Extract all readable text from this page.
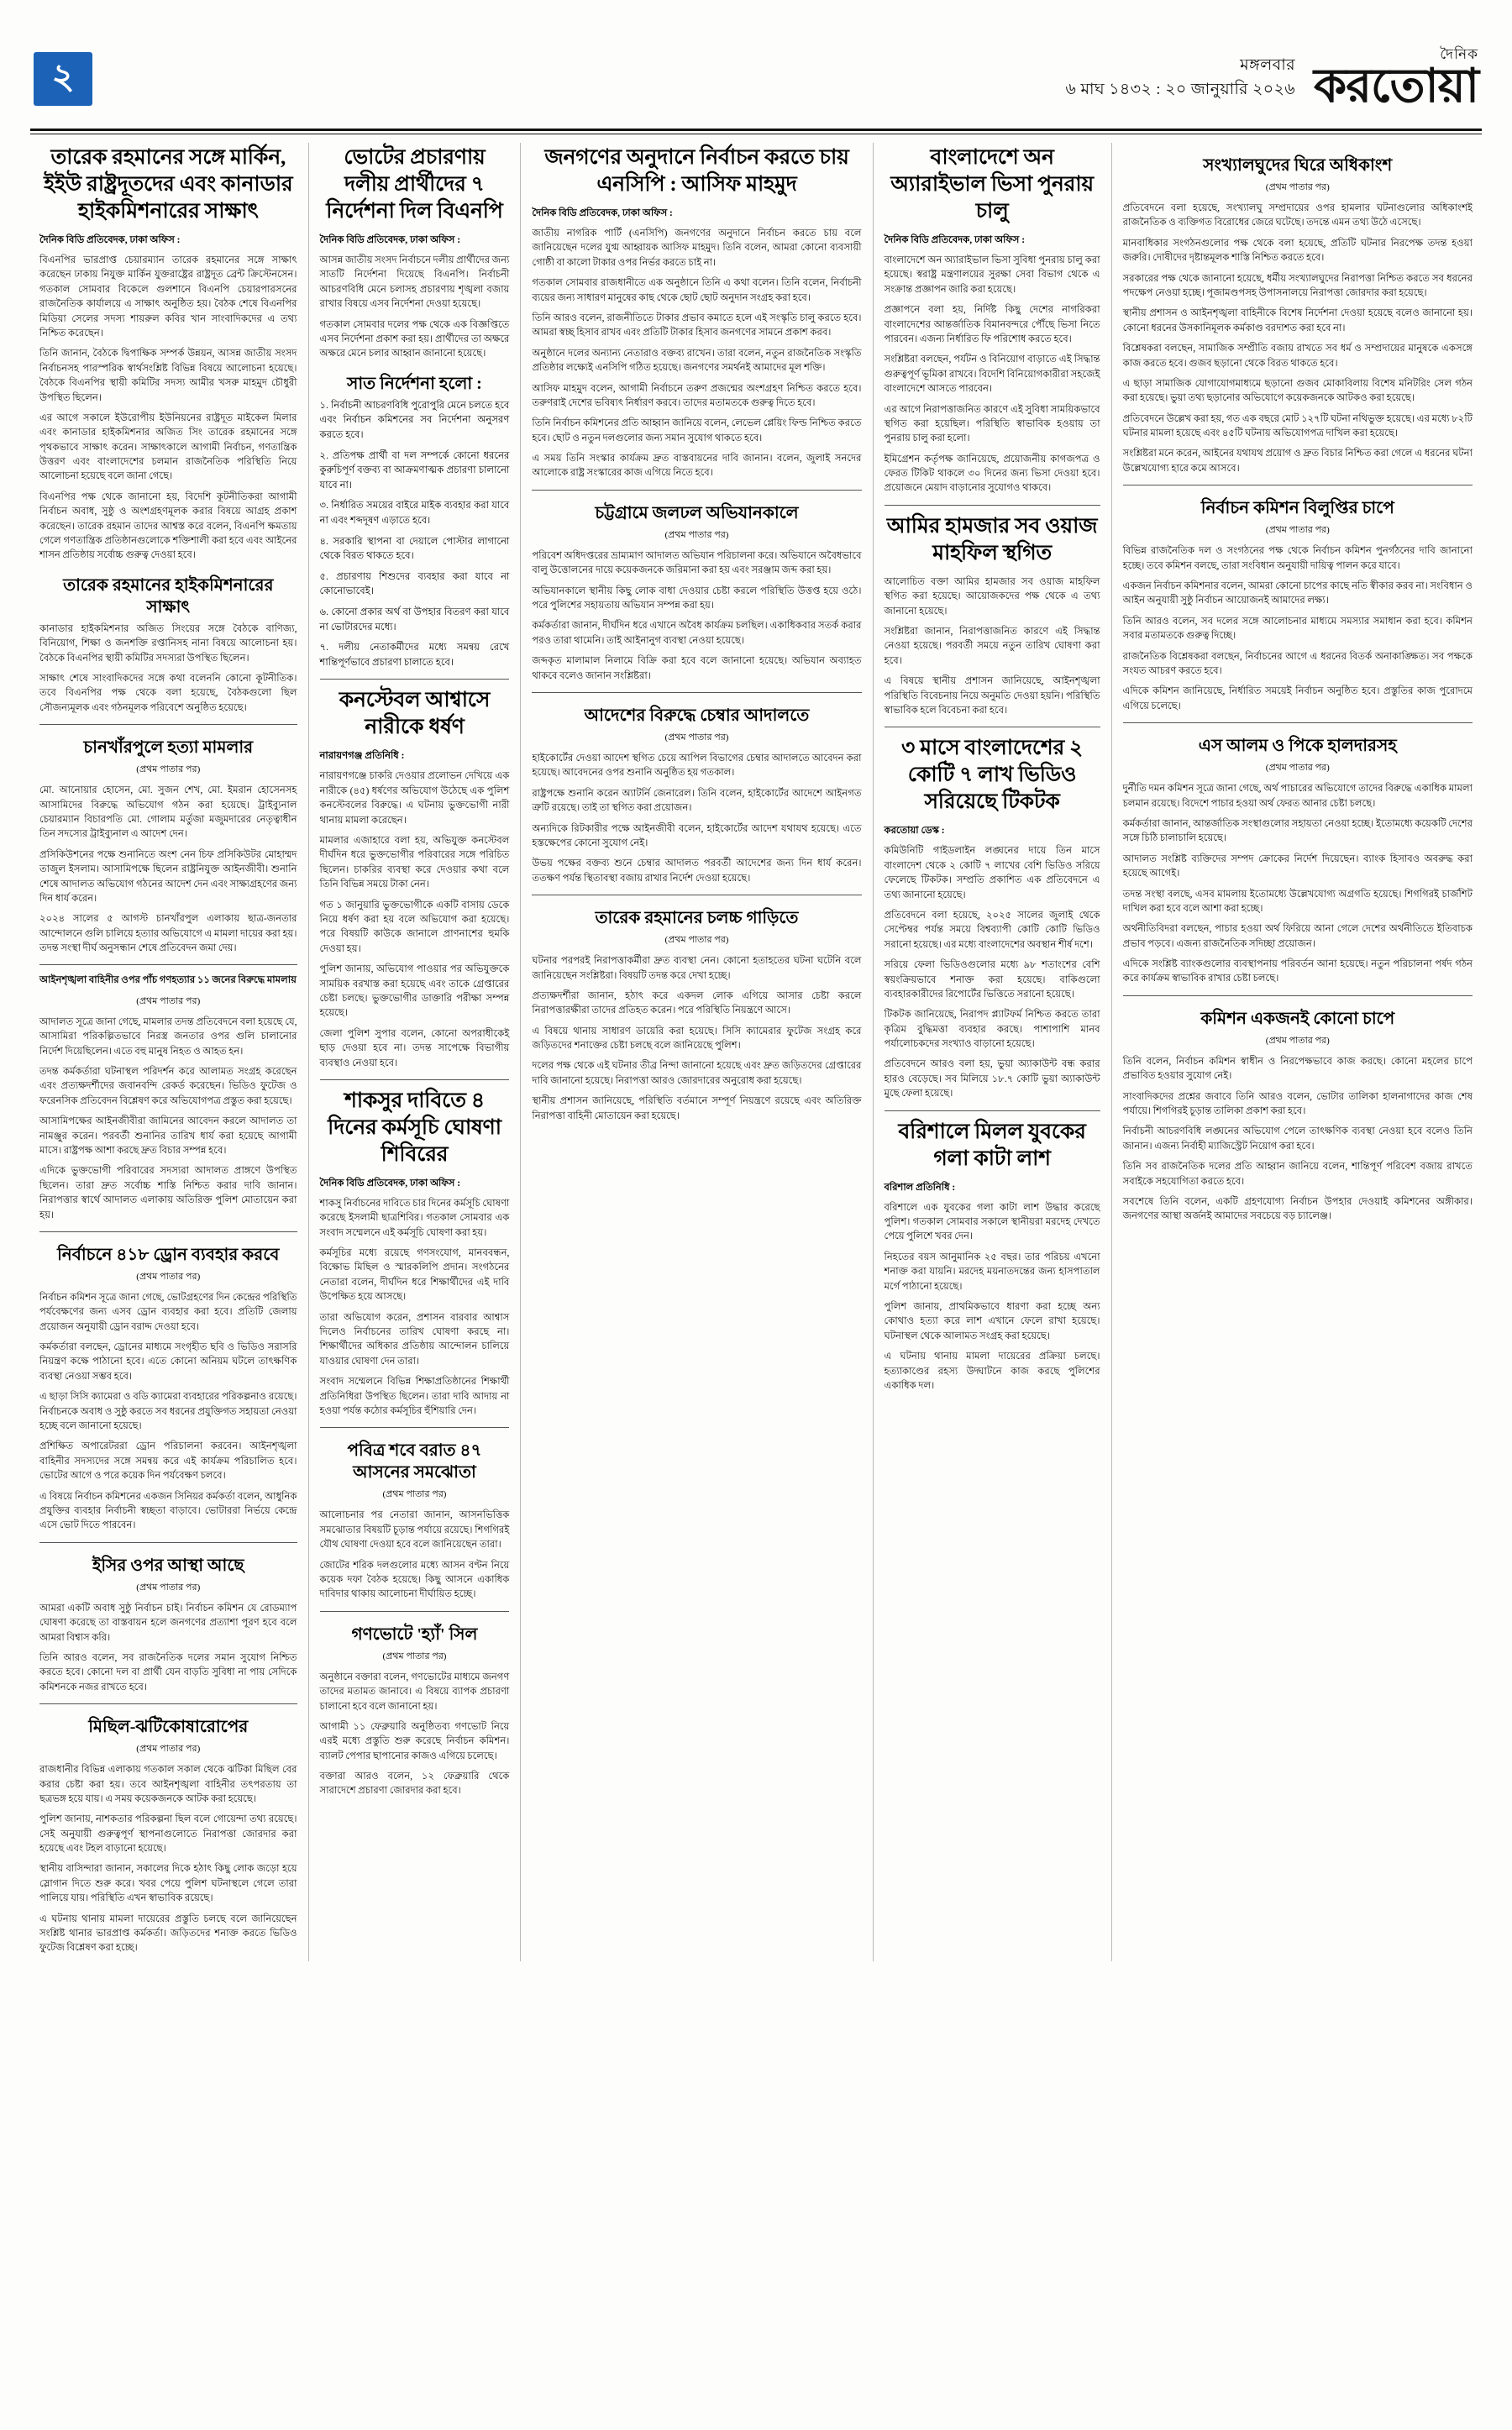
২	মঙ্গলবার
৬ মাঘ ১৪৩২ : ২০ জানুয়ারি ২০২৬
দৈনিক
করতোয়া
তারেক রহমানের সঙ্গে মার্কিন, ইইউ রাষ্ট্রদূতদের এবং কানাডার হাইকমিশনারের সাক্ষাৎ

দৈনিক বিডি প্রতিবেদক, ঢাকা অফিস :

বিএনপির ভারপ্রাপ্ত চেয়ারম্যান তারেক রহমানের সঙ্গে সাক্ষাৎ করেছেন ঢাকায় নিযুক্ত মার্কিন যুক্তরাষ্ট্রের রাষ্ট্রদূত ব্রেন্ট ক্রিস্টেনসেন। গতকাল সোমবার বিকেলে গুলশানে বিএনপি চেয়ারপারসনের রাজনৈতিক কার্যালয়ে এ সাক্ষাৎ অনুষ্ঠিত হয়। বৈঠক শেষে বিএনপির মিডিয়া সেলের সদস্য শায়রুল কবির খান সাংবাদিকদের এ তথ্য নিশ্চিত করেছেন।

তিনি জানান, বৈঠকে দ্বিপাক্ষিক সম্পর্ক উন্নয়ন, আসন্ন জাতীয় সংসদ নির্বাচনসহ পারস্পরিক স্বার্থসংশ্লিষ্ট বিভিন্ন বিষয়ে আলোচনা হয়েছে। বৈঠকে বিএনপির স্থায়ী কমিটির সদস্য আমীর খসরু মাহমুদ চৌধুরী উপস্থিত ছিলেন।

এর আগে সকালে ইউরোপীয় ইউনিয়নের রাষ্ট্রদূত মাইকেল মিলার এবং কানাডার হাইকমিশনার অজিত সিং তারেক রহমানের সঙ্গে পৃথকভাবে সাক্ষাৎ করেন। সাক্ষাৎকালে আগামী নির্বাচন, গণতান্ত্রিক উত্তরণ এবং বাংলাদেশের চলমান রাজনৈতিক পরিস্থিতি নিয়ে আলোচনা হয়েছে বলে জানা গেছে।

বিএনপির পক্ষ থেকে জানানো হয়, বিদেশি কূটনীতিকরা আগামী নির্বাচন অবাধ, সুষ্ঠু ও অংশগ্রহণমূলক করার বিষয়ে আগ্রহ প্রকাশ করেছেন। তারেক রহমান তাদের আশ্বস্ত করে বলেন, বিএনপি ক্ষমতায় গেলে গণতান্ত্রিক প্রতিষ্ঠানগুলোকে শক্তিশালী করা হবে এবং আইনের শাসন প্রতিষ্ঠায় সর্বোচ্চ গুরুত্ব দেওয়া হবে।

তারেক রহমানের হাইকমিশনারের সাক্ষাৎ

কানাডার হাইকমিশনার অজিত সিংয়ের সঙ্গে বৈঠকে বাণিজ্য, বিনিয়োগ, শিক্ষা ও জনশক্তি রপ্তানিসহ নানা বিষয়ে আলোচনা হয়। বৈঠকে বিএনপির স্থায়ী কমিটির সদস্যরা উপস্থিত ছিলেন।

সাক্ষাৎ শেষে সাংবাদিকদের সঙ্গে কথা বলেননি কোনো কূটনীতিক। তবে বিএনপির পক্ষ থেকে বলা হয়েছে, বৈঠকগুলো ছিল সৌজন্যমূলক এবং গঠনমূলক পরিবেশে অনুষ্ঠিত হয়েছে।

চানখাঁরপুলে হত্যা মামলার

(প্রথম পাতার পর)

মো. আনোয়ার হোসেন, মো. সুজন শেখ, মো. ইমরান হোসেনসহ আসামিদের বিরুদ্ধে অভিযোগ গঠন করা হয়েছে। ট্রাইব্যুনাল চেয়ারম্যান বিচারপতি মো. গোলাম মর্তুজা মজুমদারের নেতৃত্বাধীন তিন সদস্যের ট্রাইব্যুনাল এ আদেশ দেন।

প্রসিকিউশনের পক্ষে শুনানিতে অংশ নেন চিফ প্রসিকিউটর মোহাম্মদ তাজুল ইসলাম। আসামিপক্ষে ছিলেন রাষ্ট্রনিযুক্ত আইনজীবী। শুনানি শেষে আদালত অভিযোগ গঠনের আদেশ দেন এবং সাক্ষ্যগ্রহণের জন্য দিন ধার্য করেন।

২০২৪ সালের ৫ আগস্ট চানখাঁরপুল এলাকায় ছাত্র-জনতার আন্দোলনে গুলি চালিয়ে হত্যার অভিযোগে এ মামলা দায়ের করা হয়। তদন্ত সংস্থা দীর্ঘ অনুসন্ধান শেষে প্রতিবেদন জমা দেয়।

আইনশৃঙ্খলা বাহিনীর ওপর পাঁচ গণহত্যার ১১ জনের বিরুদ্ধে মামলায়

(প্রথম পাতার পর)

আদালত সূত্রে জানা গেছে, মামলার তদন্ত প্রতিবেদনে বলা হয়েছে যে, আসামিরা পরিকল্পিতভাবে নিরস্ত্র জনতার ওপর গুলি চালানোর নির্দেশ দিয়েছিলেন। এতে বহু মানুষ নিহত ও আহত হন।

তদন্ত কর্মকর্তারা ঘটনাস্থল পরিদর্শন করে আলামত সংগ্রহ করেছেন এবং প্রত্যক্ষদর্শীদের জবানবন্দি রেকর্ড করেছেন। ভিডিও ফুটেজ ও ফরেনসিক প্রতিবেদন বিশ্লেষণ করে অভিযোগপত্র প্রস্তুত করা হয়েছে।

আসামিপক্ষের আইনজীবীরা জামিনের আবেদন করলে আদালত তা নামঞ্জুর করেন। পরবর্তী শুনানির তারিখ ধার্য করা হয়েছে আগামী মাসে। রাষ্ট্রপক্ষ আশা করছে দ্রুত বিচার সম্পন্ন হবে।

এদিকে ভুক্তভোগী পরিবারের সদস্যরা আদালত প্রাঙ্গণে উপস্থিত ছিলেন। তারা দ্রুত সর্বোচ্চ শাস্তি নিশ্চিত করার দাবি জানান। নিরাপত্তার স্বার্থে আদালত এলাকায় অতিরিক্ত পুলিশ মোতায়েন করা হয়।

নির্বাচনে ৪১৮ ড্রোন ব্যবহার করবে

(প্রথম পাতার পর)

নির্বাচন কমিশন সূত্রে জানা গেছে, ভোটগ্রহণের দিন কেন্দ্রের পরিস্থিতি পর্যবেক্ষণের জন্য এসব ড্রোন ব্যবহার করা হবে। প্রতিটি জেলায় প্রয়োজন অনুযায়ী ড্রোন বরাদ্দ দেওয়া হবে।

কর্মকর্তারা বলছেন, ড্রোনের মাধ্যমে সংগৃহীত ছবি ও ভিডিও সরাসরি নিয়ন্ত্রণ কক্ষে পাঠানো হবে। এতে কোনো অনিয়ম ঘটলে তাৎক্ষণিক ব্যবস্থা নেওয়া সম্ভব হবে।

এ ছাড়া সিসি ক্যামেরা ও বডি ক্যামেরা ব্যবহারের পরিকল্পনাও রয়েছে। নির্বাচনকে অবাধ ও সুষ্ঠু করতে সব ধরনের প্রযুক্তিগত সহায়তা নেওয়া হচ্ছে বলে জানানো হয়েছে।

প্রশিক্ষিত অপারেটররা ড্রোন পরিচালনা করবেন। আইনশৃঙ্খলা বাহিনীর সদস্যদের সঙ্গে সমন্বয় করে এই কার্যক্রম পরিচালিত হবে। ভোটের আগে ও পরে কয়েক দিন পর্যবেক্ষণ চলবে।

এ বিষয়ে নির্বাচন কমিশনের একজন সিনিয়র কর্মকর্তা বলেন, আধুনিক প্রযুক্তির ব্যবহার নির্বাচনী স্বচ্ছতা বাড়াবে। ভোটাররা নির্ভয়ে কেন্দ্রে এসে ভোট দিতে পারবেন।

ইসির ওপর আস্থা আছে

(প্রথম পাতার পর)

আমরা একটি অবাধ সুষ্ঠু নির্বাচন চাই। নির্বাচন কমিশন যে রোডম্যাপ ঘোষণা করেছে তা বাস্তবায়ন হলে জনগণের প্রত্যাশা পূরণ হবে বলে আমরা বিশ্বাস করি।

তিনি আরও বলেন, সব রাজনৈতিক দলের সমান সুযোগ নিশ্চিত করতে হবে। কোনো দল বা প্রার্থী যেন বাড়তি সুবিধা না পায় সেদিকে কমিশনকে নজর রাখতে হবে।

মিছিল-ঝটিকোষারোপের

(প্রথম পাতার পর)

রাজধানীর বিভিন্ন এলাকায় গতকাল সকাল থেকে ঝটিকা মিছিল বের করার চেষ্টা করা হয়। তবে আইনশৃঙ্খলা বাহিনীর তৎপরতায় তা ছত্রভঙ্গ হয়ে যায়। এ সময় কয়েকজনকে আটক করা হয়েছে।

পুলিশ জানায়, নাশকতার পরিকল্পনা ছিল বলে গোয়েন্দা তথ্য রয়েছে। সেই অনুযায়ী গুরুত্বপূর্ণ স্থাপনাগুলোতে নিরাপত্তা জোরদার করা হয়েছে এবং টহল বাড়ানো হয়েছে।

স্থানীয় বাসিন্দারা জানান, সকালের দিকে হঠাৎ কিছু লোক জড়ো হয়ে স্লোগান দিতে শুরু করে। খবর পেয়ে পুলিশ ঘটনাস্থলে গেলে তারা পালিয়ে যায়। পরিস্থিতি এখন স্বাভাবিক রয়েছে।

এ ঘটনায় থানায় মামলা দায়েরের প্রস্তুতি চলছে বলে জানিয়েছেন সংশ্লিষ্ট থানার ভারপ্রাপ্ত কর্মকর্তা। জড়িতদের শনাক্ত করতে ভিডিও ফুটেজ বিশ্লেষণ করা হচ্ছে।

ভোটের প্রচারণায় দলীয় প্রার্থীদের ৭ নির্দেশনা দিল বিএনপি

দৈনিক বিডি প্রতিবেদক, ঢাকা অফিস :

আসন্ন জাতীয় সংসদ নির্বাচনে দলীয় প্রার্থীদের জন্য সাতটি নির্দেশনা দিয়েছে বিএনপি। নির্বাচনী আচরণবিধি মেনে চলাসহ প্রচারণায় শৃঙ্খলা বজায় রাখার বিষয়ে এসব নির্দেশনা দেওয়া হয়েছে।

গতকাল সোমবার দলের পক্ষ থেকে এক বিজ্ঞপ্তিতে এসব নির্দেশনা প্রকাশ করা হয়। প্রার্থীদের তা অক্ষরে অক্ষরে মেনে চলার আহ্বান জানানো হয়েছে।

সাত নির্দেশনা হলো :

১. নির্বাচনী আচরণবিধি পুরোপুরি মেনে চলতে হবে এবং নির্বাচন কমিশনের সব নির্দেশনা অনুসরণ করতে হবে।

২. প্রতিপক্ষ প্রার্থী বা দল সম্পর্কে কোনো ধরনের কুরুচিপূর্ণ বক্তব্য বা আক্রমণাত্মক প্রচারণা চালানো যাবে না।

৩. নির্ধারিত সময়ের বাইরে মাইক ব্যবহার করা যাবে না এবং শব্দদূষণ এড়াতে হবে।

৪. সরকারি স্থাপনা বা দেয়ালে পোস্টার লাগানো থেকে বিরত থাকতে হবে।

৫. প্রচারণায় শিশুদের ব্যবহার করা যাবে না কোনোভাবেই।

৬. কোনো প্রকার অর্থ বা উপহার বিতরণ করা যাবে না ভোটারদের মধ্যে।

৭. দলীয় নেতাকর্মীদের মধ্যে সমন্বয় রেখে শান্তিপূর্ণভাবে প্রচারণা চালাতে হবে।

কনস্টেবল আশ্বাসে নারীকে ধর্ষণ

নারায়ণগঞ্জ প্রতিনিধি :

নারায়ণগঞ্জে চাকরি দেওয়ার প্রলোভন দেখিয়ে এক নারীকে (৪৫) ধর্ষণের অভিযোগ উঠেছে এক পুলিশ কনস্টেবলের বিরুদ্ধে। এ ঘটনায় ভুক্তভোগী নারী থানায় মামলা করেছেন।

মামলার এজাহারে বলা হয়, অভিযুক্ত কনস্টেবল দীর্ঘদিন ধরে ভুক্তভোগীর পরিবারের সঙ্গে পরিচিত ছিলেন। চাকরির ব্যবস্থা করে দেওয়ার কথা বলে তিনি বিভিন্ন সময়ে টাকা নেন।

গত ১ জানুয়ারি ভুক্তভোগীকে একটি বাসায় ডেকে নিয়ে ধর্ষণ করা হয় বলে অভিযোগ করা হয়েছে। পরে বিষয়টি কাউকে জানালে প্রাণনাশের হুমকি দেওয়া হয়।

পুলিশ জানায়, অভিযোগ পাওয়ার পর অভিযুক্তকে সাময়িক বরখাস্ত করা হয়েছে এবং তাকে গ্রেপ্তারের চেষ্টা চলছে। ভুক্তভোগীর ডাক্তারি পরীক্ষা সম্পন্ন হয়েছে।

জেলা পুলিশ সুপার বলেন, কোনো অপরাধীকেই ছাড় দেওয়া হবে না। তদন্ত সাপেক্ষে বিভাগীয় ব্যবস্থাও নেওয়া হবে।

শাকসুর দাবিতে ৪ দিনের কর্মসূচি ঘোষণা শিবিরের

দৈনিক বিডি প্রতিবেদক, ঢাকা অফিস :

শাকসু নির্বাচনের দাবিতে চার দিনের কর্মসূচি ঘোষণা করেছে ইসলামী ছাত্রশিবির। গতকাল সোমবার এক সংবাদ সম্মেলনে এই কর্মসূচি ঘোষণা করা হয়।

কর্মসূচির মধ্যে রয়েছে গণসংযোগ, মানববন্ধন, বিক্ষোভ মিছিল ও স্মারকলিপি প্রদান। সংগঠনের নেতারা বলেন, দীর্ঘদিন ধরে শিক্ষার্থীদের এই দাবি উপেক্ষিত হয়ে আসছে।

তারা অভিযোগ করেন, প্রশাসন বারবার আশ্বাস দিলেও নির্বাচনের তারিখ ঘোষণা করছে না। শিক্ষার্থীদের অধিকার প্রতিষ্ঠায় আন্দোলন চালিয়ে যাওয়ার ঘোষণা দেন তারা।

সংবাদ সম্মেলনে বিভিন্ন শিক্ষাপ্রতিষ্ঠানের শিক্ষার্থী প্রতিনিধিরা উপস্থিত ছিলেন। তারা দাবি আদায় না হওয়া পর্যন্ত কঠোর কর্মসূচির হুঁশিয়ারি দেন।

পবিত্র শবে বরাত ৪৭ আসনের সমঝোতা

(প্রথম পাতার পর)

আলোচনার পর নেতারা জানান, আসনভিত্তিক সমঝোতার বিষয়টি চূড়ান্ত পর্যায়ে রয়েছে। শিগগিরই যৌথ ঘোষণা দেওয়া হবে বলে জানিয়েছেন তারা।

জোটের শরিক দলগুলোর মধ্যে আসন বণ্টন নিয়ে কয়েক দফা বৈঠক হয়েছে। কিছু আসনে একাধিক দাবিদার থাকায় আলোচনা দীর্ঘায়িত হচ্ছে।

গণভোটে 'হ্যাঁ' সিল

(প্রথম পাতার পর)

অনুষ্ঠানে বক্তারা বলেন, গণভোটের মাধ্যমে জনগণ তাদের মতামত জানাবে। এ বিষয়ে ব্যাপক প্রচারণা চালানো হবে বলে জানানো হয়।

আগামী ১১ ফেব্রুয়ারি অনুষ্ঠিতব্য গণভোট নিয়ে এরই মধ্যে প্রস্তুতি শুরু করেছে নির্বাচন কমিশন। ব্যালট পেপার ছাপানোর কাজও এগিয়ে চলেছে।

বক্তারা আরও বলেন, ১২ ফেব্রুয়ারি থেকে সারাদেশে প্রচারণা জোরদার করা হবে।

জনগণের অনুদানে নির্বাচন করতে চায় এনসিপি : আসিফ মাহমুদ

দৈনিক বিডি প্রতিবেদক, ঢাকা অফিস :

জাতীয় নাগরিক পার্টি (এনসিপি) জনগণের অনুদানে নির্বাচন করতে চায় বলে জানিয়েছেন দলের যুগ্ম আহ্বায়ক আসিফ মাহমুদ। তিনি বলেন, আমরা কোনো ব্যবসায়ী গোষ্ঠী বা কালো টাকার ওপর নির্ভর করতে চাই না।

গতকাল সোমবার রাজধানীতে এক অনুষ্ঠানে তিনি এ কথা বলেন। তিনি বলেন, নির্বাচনী ব্যয়ের জন্য সাধারণ মানুষের কাছ থেকে ছোট ছোট অনুদান সংগ্রহ করা হবে।

তিনি আরও বলেন, রাজনীতিতে টাকার প্রভাব কমাতে হলে এই সংস্কৃতি চালু করতে হবে। আমরা স্বচ্ছ হিসাব রাখব এবং প্রতিটি টাকার হিসাব জনগণের সামনে প্রকাশ করব।

অনুষ্ঠানে দলের অন্যান্য নেতারাও বক্তব্য রাখেন। তারা বলেন, নতুন রাজনৈতিক সংস্কৃতি প্রতিষ্ঠার লক্ষ্যেই এনসিপি গঠিত হয়েছে। জনগণের সমর্থনই আমাদের মূল শক্তি।

আসিফ মাহমুদ বলেন, আগামী নির্বাচনে তরুণ প্রজন্মের অংশগ্রহণ নিশ্চিত করতে হবে। তরুণরাই দেশের ভবিষ্যৎ নির্ধারণ করবে। তাদের মতামতকে গুরুত্ব দিতে হবে।

তিনি নির্বাচন কমিশনের প্রতি আহ্বান জানিয়ে বলেন, লেভেল প্লেয়িং ফিল্ড নিশ্চিত করতে হবে। ছোট ও নতুন দলগুলোর জন্য সমান সুযোগ থাকতে হবে।

এ সময় তিনি সংস্কার কার্যক্রম দ্রুত বাস্তবায়নের দাবি জানান। বলেন, জুলাই সনদের আলোকে রাষ্ট্র সংস্কারের কাজ এগিয়ে নিতে হবে।

চট্টগ্রামে জলঢল অভিযানকালে

(প্রথম পাতার পর)

পরিবেশ অধিদপ্তরের ভ্রাম্যমাণ আদালত অভিযান পরিচালনা করে। অভিযানে অবৈধভাবে বালু উত্তোলনের দায়ে কয়েকজনকে জরিমানা করা হয় এবং সরঞ্জাম জব্দ করা হয়।

অভিযানকালে স্থানীয় কিছু লোক বাধা দেওয়ার চেষ্টা করলে পরিস্থিতি উত্তপ্ত হয়ে ওঠে। পরে পুলিশের সহায়তায় অভিযান সম্পন্ন করা হয়।

কর্মকর্তারা জানান, দীর্ঘদিন ধরে এখানে অবৈধ কার্যক্রম চলছিল। একাধিকবার সতর্ক করার পরও তারা থামেনি। তাই আইনানুগ ব্যবস্থা নেওয়া হয়েছে।

জব্দকৃত মালামাল নিলামে বিক্রি করা হবে বলে জানানো হয়েছে। অভিযান অব্যাহত থাকবে বলেও জানান সংশ্লিষ্টরা।

আদেশের বিরুদ্ধে চেম্বার আদালতে

(প্রথম পাতার পর)

হাইকোর্টের দেওয়া আদেশ স্থগিত চেয়ে আপিল বিভাগের চেম্বার আদালতে আবেদন করা হয়েছে। আবেদনের ওপর শুনানি অনুষ্ঠিত হয় গতকাল।

রাষ্ট্রপক্ষে শুনানি করেন অ্যাটর্নি জেনারেল। তিনি বলেন, হাইকোর্টের আদেশে আইনগত ত্রুটি রয়েছে। তাই তা স্থগিত করা প্রয়োজন।

অন্যদিকে রিটকারীর পক্ষে আইনজীবী বলেন, হাইকোর্টের আদেশ যথাযথ হয়েছে। এতে হস্তক্ষেপের কোনো সুযোগ নেই।

উভয় পক্ষের বক্তব্য শুনে চেম্বার আদালত পরবর্তী আদেশের জন্য দিন ধার্য করেন। ততক্ষণ পর্যন্ত স্থিতাবস্থা বজায় রাখার নির্দেশ দেওয়া হয়েছে।

তারেক রহমানের চলচ্চ গাড়িতে

(প্রথম পাতার পর)

ঘটনার পরপরই নিরাপত্তাকর্মীরা দ্রুত ব্যবস্থা নেন। কোনো হতাহতের ঘটনা ঘটেনি বলে জানিয়েছেন সংশ্লিষ্টরা। বিষয়টি তদন্ত করে দেখা হচ্ছে।

প্রত্যক্ষদর্শীরা জানান, হঠাৎ করে একদল লোক এগিয়ে আসার চেষ্টা করলে নিরাপত্তারক্ষীরা তাদের প্রতিহত করেন। পরে পরিস্থিতি নিয়ন্ত্রণে আসে।

এ বিষয়ে থানায় সাধারণ ডায়েরি করা হয়েছে। সিসি ক্যামেরার ফুটেজ সংগ্রহ করে জড়িতদের শনাক্তের চেষ্টা চলছে বলে জানিয়েছে পুলিশ।

দলের পক্ষ থেকে এই ঘটনার তীব্র নিন্দা জানানো হয়েছে এবং দ্রুত জড়িতদের গ্রেপ্তারের দাবি জানানো হয়েছে। নিরাপত্তা আরও জোরদারের অনুরোধ করা হয়েছে।

স্থানীয় প্রশাসন জানিয়েছে, পরিস্থিতি বর্তমানে সম্পূর্ণ নিয়ন্ত্রণে রয়েছে এবং অতিরিক্ত নিরাপত্তা বাহিনী মোতায়েন করা হয়েছে।

বাংলাদেশে অন অ্যারাইভাল ভিসা পুনরায় চালু

দৈনিক বিডি প্রতিবেদক, ঢাকা অফিস :

বাংলাদেশে অন অ্যারাইভাল ভিসা সুবিধা পুনরায় চালু করা হয়েছে। স্বরাষ্ট্র মন্ত্রণালয়ের সুরক্ষা সেবা বিভাগ থেকে এ সংক্রান্ত প্রজ্ঞাপন জারি করা হয়েছে।

প্রজ্ঞাপনে বলা হয়, নির্দিষ্ট কিছু দেশের নাগরিকরা বাংলাদেশের আন্তর্জাতিক বিমানবন্দরে পৌঁছে ভিসা নিতে পারবেন। এজন্য নির্ধারিত ফি পরিশোধ করতে হবে।

সংশ্লিষ্টরা বলছেন, পর্যটন ও বিনিয়োগ বাড়াতে এই সিদ্ধান্ত গুরুত্বপূর্ণ ভূমিকা রাখবে। বিদেশি বিনিয়োগকারীরা সহজেই বাংলাদেশে আসতে পারবেন।

এর আগে নিরাপত্তাজনিত কারণে এই সুবিধা সাময়িকভাবে স্থগিত করা হয়েছিল। পরিস্থিতি স্বাভাবিক হওয়ায় তা পুনরায় চালু করা হলো।

ইমিগ্রেশন কর্তৃপক্ষ জানিয়েছে, প্রয়োজনীয় কাগজপত্র ও ফেরত টিকিট থাকলে ৩০ দিনের জন্য ভিসা দেওয়া হবে। প্রয়োজনে মেয়াদ বাড়ানোর সুযোগও থাকবে।

আমির হামজার সব ওয়াজ মাহফিল স্থগিত

আলোচিত বক্তা আমির হামজার সব ওয়াজ মাহফিল স্থগিত করা হয়েছে। আয়োজকদের পক্ষ থেকে এ তথ্য জানানো হয়েছে।

সংশ্লিষ্টরা জানান, নিরাপত্তাজনিত কারণে এই সিদ্ধান্ত নেওয়া হয়েছে। পরবর্তী সময়ে নতুন তারিখ ঘোষণা করা হবে।

এ বিষয়ে স্থানীয় প্রশাসন জানিয়েছে, আইনশৃঙ্খলা পরিস্থিতি বিবেচনায় নিয়ে অনুমতি দেওয়া হয়নি। পরিস্থিতি স্বাভাবিক হলে বিবেচনা করা হবে।

৩ মাসে বাংলাদেশের ২ কোটি ৭ লাখ ভিডিও সরিয়েছে টিকটক

করতোয়া ডেস্ক :

কমিউনিটি গাইডলাইন লঙ্ঘনের দায়ে তিন মাসে বাংলাদেশ থেকে ২ কোটি ৭ লাখের বেশি ভিডিও সরিয়ে ফেলেছে টিকটক। সম্প্রতি প্রকাশিত এক প্রতিবেদনে এ তথ্য জানানো হয়েছে।

প্রতিবেদনে বলা হয়েছে, ২০২৫ সালের জুলাই থেকে সেপ্টেম্বর পর্যন্ত সময়ে বিশ্বব্যাপী কোটি কোটি ভিডিও সরানো হয়েছে। এর মধ্যে বাংলাদেশের অবস্থান শীর্ষ দশে।

সরিয়ে ফেলা ভিডিওগুলোর মধ্যে ৯৮ শতাংশের বেশি স্বয়ংক্রিয়ভাবে শনাক্ত করা হয়েছে। বাকিগুলো ব্যবহারকারীদের রিপোর্টের ভিত্তিতে সরানো হয়েছে।

টিকটক জানিয়েছে, নিরাপদ প্ল্যাটফর্ম নিশ্চিত করতে তারা কৃত্রিম বুদ্ধিমত্তা ব্যবহার করছে। পাশাপাশি মানব পর্যালোচকদের সংখ্যাও বাড়ানো হয়েছে।

প্রতিবেদনে আরও বলা হয়, ভুয়া অ্যাকাউন্ট বন্ধ করার হারও বেড়েছে। সব মিলিয়ে ১৮.৭ কোটি ভুয়া অ্যাকাউন্ট মুছে ফেলা হয়েছে।

বরিশালে মিলল যুবকের গলা কাটা লাশ

বরিশাল প্রতিনিধি :

বরিশালে এক যুবকের গলা কাটা লাশ উদ্ধার করেছে পুলিশ। গতকাল সোমবার সকালে স্থানীয়রা মরদেহ দেখতে পেয়ে পুলিশে খবর দেন।

নিহতের বয়স আনুমানিক ২৫ বছর। তার পরিচয় এখনো শনাক্ত করা যায়নি। মরদেহ ময়নাতদন্তের জন্য হাসপাতাল মর্গে পাঠানো হয়েছে।

পুলিশ জানায়, প্রাথমিকভাবে ধারণা করা হচ্ছে অন্য কোথাও হত্যা করে লাশ এখানে ফেলে রাখা হয়েছে। ঘটনাস্থল থেকে আলামত সংগ্রহ করা হয়েছে।

এ ঘটনায় থানায় মামলা দায়েরের প্রক্রিয়া চলছে। হত্যাকাণ্ডের রহস্য উদ্ঘাটনে কাজ করছে পুলিশের একাধিক দল।

সংখ্যালঘুদের ঘিরে অধিকাংশ

(প্রথম পাতার পর)

প্রতিবেদনে বলা হয়েছে, সংখ্যালঘু সম্প্রদায়ের ওপর হামলার ঘটনাগুলোর অধিকাংশই রাজনৈতিক ও ব্যক্তিগত বিরোধের জেরে ঘটেছে। তদন্তে এমন তথ্য উঠে এসেছে।

মানবাধিকার সংগঠনগুলোর পক্ষ থেকে বলা হয়েছে, প্রতিটি ঘটনার নিরপেক্ষ তদন্ত হওয়া জরুরি। দোষীদের দৃষ্টান্তমূলক শাস্তি নিশ্চিত করতে হবে।

সরকারের পক্ষ থেকে জানানো হয়েছে, ধর্মীয় সংখ্যালঘুদের নিরাপত্তা নিশ্চিত করতে সব ধরনের পদক্ষেপ নেওয়া হচ্ছে। পূজামণ্ডপসহ উপাসনালয়ে নিরাপত্তা জোরদার করা হয়েছে।

স্থানীয় প্রশাসন ও আইনশৃঙ্খলা বাহিনীকে বিশেষ নির্দেশনা দেওয়া হয়েছে বলেও জানানো হয়। কোনো ধরনের উসকানিমূলক কর্মকাণ্ড বরদাশত করা হবে না।

বিশ্লেষকরা বলছেন, সামাজিক সম্প্রীতি বজায় রাখতে সব ধর্ম ও সম্প্রদায়ের মানুষকে একসঙ্গে কাজ করতে হবে। গুজব ছড়ানো থেকে বিরত থাকতে হবে।

এ ছাড়া সামাজিক যোগাযোগমাধ্যমে ছড়ানো গুজব মোকাবিলায় বিশেষ মনিটরিং সেল গঠন করা হয়েছে। ভুয়া তথ্য ছড়ানোর অভিযোগে কয়েকজনকে আটকও করা হয়েছে।

প্রতিবেদনে উল্লেখ করা হয়, গত এক বছরে মোট ১২৭টি ঘটনা নথিভুক্ত হয়েছে। এর মধ্যে ৮২টি ঘটনার মামলা হয়েছে এবং ৪৫টি ঘটনায় অভিযোগপত্র দাখিল করা হয়েছে।

সংশ্লিষ্টরা মনে করেন, আইনের যথাযথ প্রয়োগ ও দ্রুত বিচার নিশ্চিত করা গেলে এ ধরনের ঘটনা উল্লেখযোগ্য হারে কমে আসবে।

নির্বাচন কমিশন বিলুপ্তির চাপে

(প্রথম পাতার পর)

বিভিন্ন রাজনৈতিক দল ও সংগঠনের পক্ষ থেকে নির্বাচন কমিশন পুনর্গঠনের দাবি জানানো হচ্ছে। তবে কমিশন বলছে, তারা সংবিধান অনুযায়ী দায়িত্ব পালন করে যাবে।

একজন নির্বাচন কমিশনার বলেন, আমরা কোনো চাপের কাছে নতি স্বীকার করব না। সংবিধান ও আইন অনুযায়ী সুষ্ঠু নির্বাচন আয়োজনই আমাদের লক্ষ্য।

তিনি আরও বলেন, সব দলের সঙ্গে আলোচনার মাধ্যমে সমস্যার সমাধান করা হবে। কমিশন সবার মতামতকে গুরুত্ব দিচ্ছে।

রাজনৈতিক বিশ্লেষকরা বলছেন, নির্বাচনের আগে এ ধরনের বিতর্ক অনাকাঙ্ক্ষিত। সব পক্ষকে সংযত আচরণ করতে হবে।

এদিকে কমিশন জানিয়েছে, নির্ধারিত সময়েই নির্বাচন অনুষ্ঠিত হবে। প্রস্তুতির কাজ পুরোদমে এগিয়ে চলেছে।

এস আলম ও পিকে হালদারসহ

(প্রথম পাতার পর)

দুর্নীতি দমন কমিশন সূত্রে জানা গেছে, অর্থ পাচারের অভিযোগে তাদের বিরুদ্ধে একাধিক মামলা চলমান রয়েছে। বিদেশে পাচার হওয়া অর্থ ফেরত আনার চেষ্টা চলছে।

কর্মকর্তারা জানান, আন্তর্জাতিক সংস্থাগুলোর সহায়তা নেওয়া হচ্ছে। ইতোমধ্যে কয়েকটি দেশের সঙ্গে চিঠি চালাচালি হয়েছে।

আদালত সংশ্লিষ্ট ব্যক্তিদের সম্পদ ক্রোকের নির্দেশ দিয়েছেন। ব্যাংক হিসাবও অবরুদ্ধ করা হয়েছে আগেই।

তদন্ত সংস্থা বলছে, এসব মামলায় ইতোমধ্যে উল্লেখযোগ্য অগ্রগতি হয়েছে। শিগগিরই চার্জশিট দাখিল করা হবে বলে আশা করা হচ্ছে।

অর্থনীতিবিদরা বলছেন, পাচার হওয়া অর্থ ফিরিয়ে আনা গেলে দেশের অর্থনীতিতে ইতিবাচক প্রভাব পড়বে। এজন্য রাজনৈতিক সদিচ্ছা প্রয়োজন।

এদিকে সংশ্লিষ্ট ব্যাংকগুলোর ব্যবস্থাপনায় পরিবর্তন আনা হয়েছে। নতুন পরিচালনা পর্ষদ গঠন করে কার্যক্রম স্বাভাবিক রাখার চেষ্টা চলছে।

কমিশন একজনই কোনো চাপে

(প্রথম পাতার পর)

তিনি বলেন, নির্বাচন কমিশন স্বাধীন ও নিরপেক্ষভাবে কাজ করছে। কোনো মহলের চাপে প্রভাবিত হওয়ার সুযোগ নেই।

সাংবাদিকদের প্রশ্নের জবাবে তিনি আরও বলেন, ভোটার তালিকা হালনাগাদের কাজ শেষ পর্যায়ে। শিগগিরই চূড়ান্ত তালিকা প্রকাশ করা হবে।

নির্বাচনী আচরণবিধি লঙ্ঘনের অভিযোগ পেলে তাৎক্ষণিক ব্যবস্থা নেওয়া হবে বলেও তিনি জানান। এজন্য নির্বাহী ম্যাজিস্ট্রেট নিয়োগ করা হবে।

তিনি সব রাজনৈতিক দলের প্রতি আহ্বান জানিয়ে বলেন, শান্তিপূর্ণ পরিবেশ বজায় রাখতে সবাইকে সহযোগিতা করতে হবে।

সবশেষে তিনি বলেন, একটি গ্রহণযোগ্য নির্বাচন উপহার দেওয়াই কমিশনের অঙ্গীকার। জনগণের আস্থা অর্জনই আমাদের সবচেয়ে বড় চ্যালেঞ্জ।
